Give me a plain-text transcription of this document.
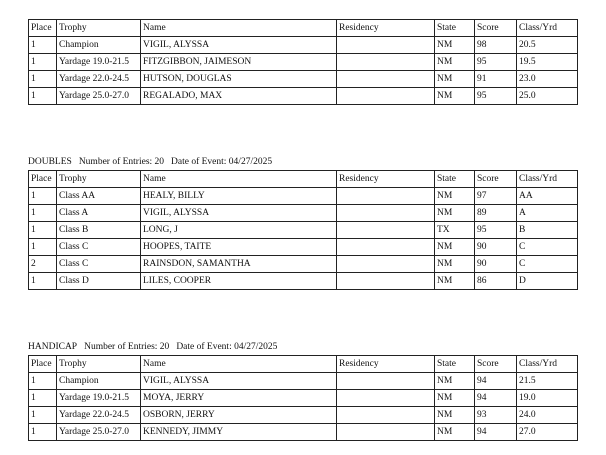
Place	Trophy	Name	Residency	State	Score	Class/Yrd
1	Champion	VIGIL, ALYSSA		NM	98	20.5
1	Yardage 19.0-21.5	FITZGIBBON, JAIMESON		NM	95	19.5
1	Yardage 22.0-24.5	HUTSON, DOUGLAS		NM	91	23.0
1	Yardage 25.0-27.0	REGALADO, MAX		NM	95	25.0
DOUBLES Number of Entries: 20 Date of Event: 04/27/2025
Place	Trophy	Name	Residency	State	Score	Class/Yrd
1	Class AA	HEALY, BILLY		NM	97	AA
1	Class A	VIGIL, ALYSSA		NM	89	A
1	Class B	LONG, J		TX	95	B
1	Class C	HOOPES, TAITE		NM	90	C
2	Class C	RAINSDON, SAMANTHA		NM	90	C
1	Class D	LILES, COOPER		NM	86	D
HANDICAP Number of Entries: 20 Date of Event: 04/27/2025
Place	Trophy	Name	Residency	State	Score	Class/Yrd
1	Champion	VIGIL, ALYSSA		NM	94	21.5
1	Yardage 19.0-21.5	MOYA, JERRY		NM	94	19.0
1	Yardage 22.0-24.5	OSBORN, JERRY		NM	93	24.0
1	Yardage 25.0-27.0	KENNEDY, JIMMY		NM	94	27.0
